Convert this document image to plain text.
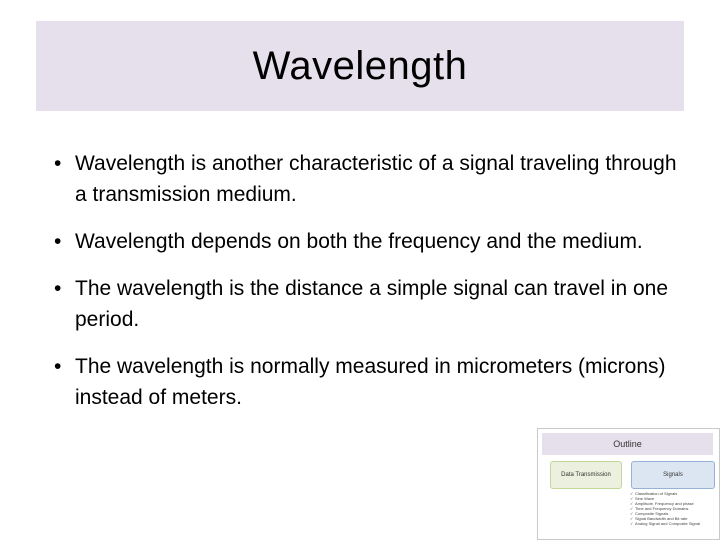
Wavelength
• Wavelength is another characteristic of a signal traveling through a transmission medium.
• Wavelength depends on both the frequency and the medium.
• The wavelength is the distance a simple signal can travel in one period.
• The wavelength is normally measured in micrometers (microns) instead of meters.
Outline
Data Transmission	Signals
✓ Classification of Signals
✓ Sine Wave
✓ Amplitude, Frequency and phase
✓ Time and Frequency Domains
✓ Composite Signals
✓ Signal Bandwidth and Bit rate
✓ Analog Signal and Composite Signal
